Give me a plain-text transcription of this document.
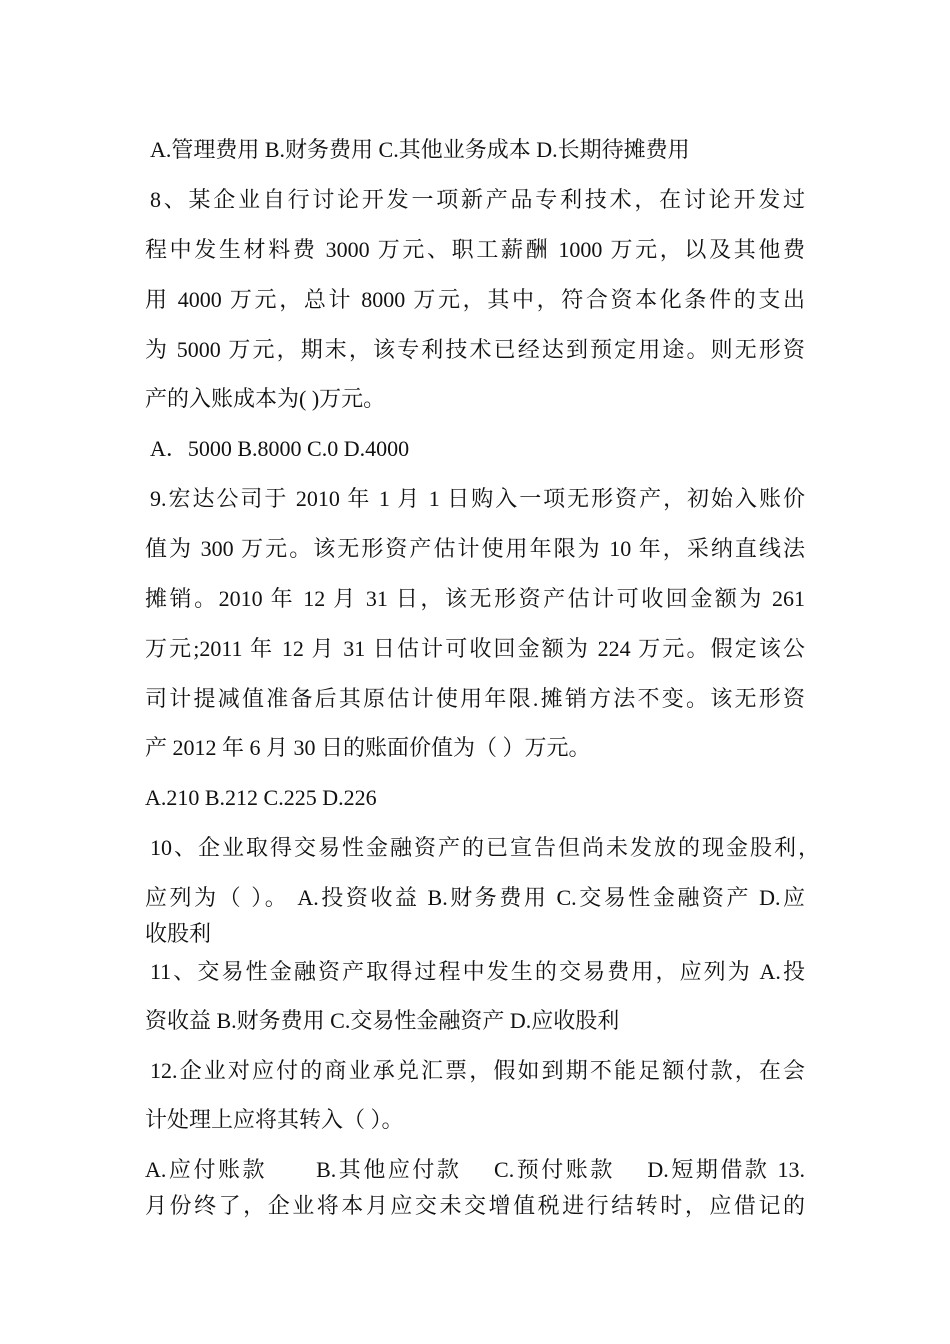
A.管理费用 B.财务费用 C.其他业务成本 D.长期待摊费用
8、某企业自行讨论开发一项新产品专利技术，在讨论开发过
程中发生材料费 3000 万元、职工薪酬 1000 万元，以及其他费
用 4000 万元，总计 8000 万元，其中，符合资本化条件的支出
为 5000 万元，期末，该专利技术已经达到预定用途。则无形资
产的入账成本为( )万元。
A．5000 B.8000 C.0 D.4000
9.宏达公司于 2010 年 1 月 1 日购入一项无形资产，初始入账价
值为 300 万元。该无形资产估计使用年限为 10 年，采纳直线法
摊销。2010 年 12 月 31 日，该无形资产估计可收回金额为 261
万元;2011 年 12 月 31 日估计可收回金额为 224 万元。假定该公
司计提减值准备后其原估计使用年限.摊销方法不变。该无形资
产 2012 年 6 月 30 日的账面价值为（ ）万元。
A.210 B.212 C.225 D.226
10、企业取得交易性金融资产的已宣告但尚未发放的现金股利，
应列为（ ）。 A.投资收益 B.财务费用 C.交易性金融资产 D.应
收股利
11、交易性金融资产取得过程中发生的交易费用，应列为 A.投
资收益 B.财务费用 C.交易性金融资产 D.应收股利
12.企业对应付的商业承兑汇票，假如到期不能足额付款，在会
计处理上应将其转入（ ）。
A.应付账款　　B.其他应付款　 C.预付账款　 D.短期借款 13.
月份终了，企业将本月应交未交增值税进行结转时，应借记的
